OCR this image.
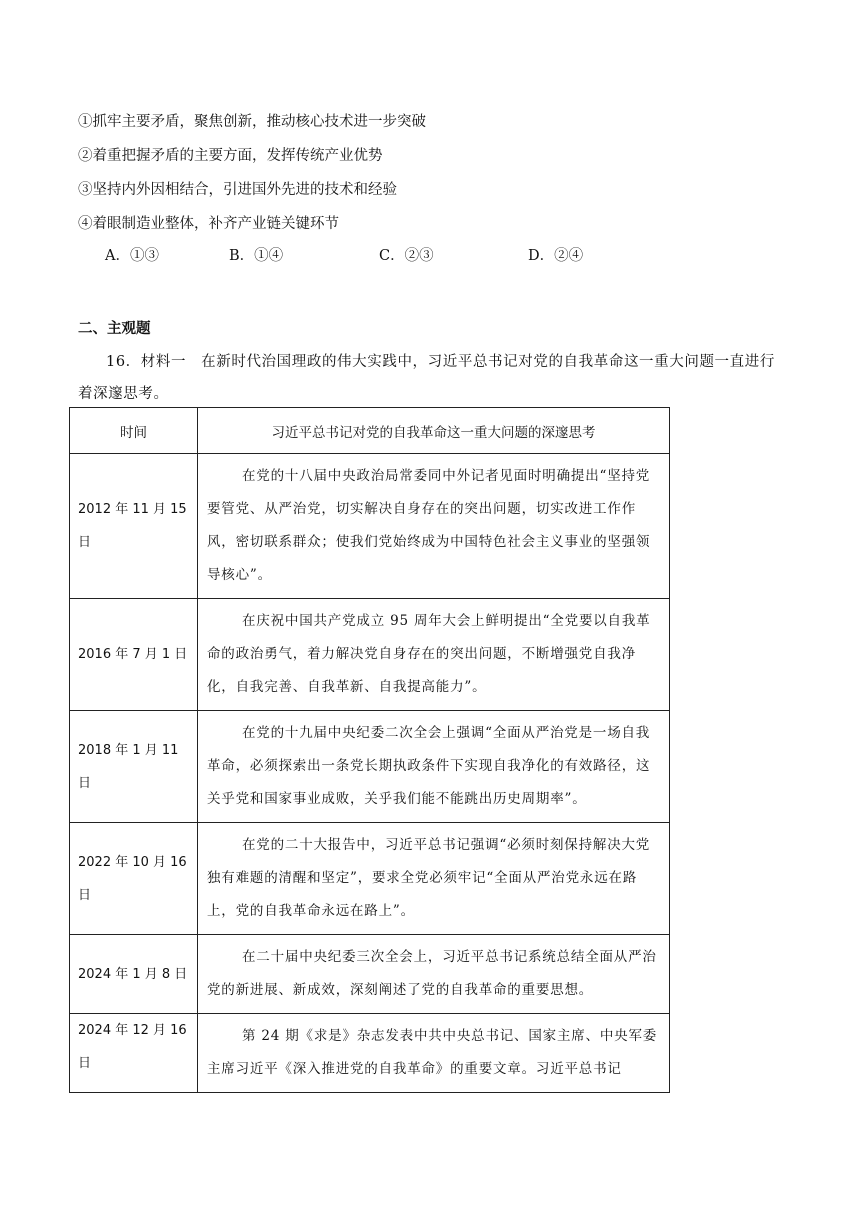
①抓牢主要矛盾，聚焦创新，推动核心技术进一步突破
②着重把握矛盾的主要方面，发挥传统产业优势
③坚持内外因相结合，引进国外先进的技术和经验
④着眼制造业整体，补齐产业链关键环节
A．①③	B．①④	C．②③	D．②④
二、主观题
16．材料一　在新时代治国理政的伟大实践中，习近平总书记对党的自我革命这一重大问题一直进行着深邃思考。
时间	习近平总书记对党的自我革命这一重大问题的深邃思考
2012 年 11 月 15 日	在党的十八届中央政治局常委同中外记者见面时明确提出“坚持党要管党、从严治党，切实解决自身存在的突出问题，切实改进工作作风，密切联系群众；使我们党始终成为中国特色社会主义事业的坚强领导核心”。
2016 年 7 月 1 日	在庆祝中国共产党成立 95 周年大会上鲜明提出“全党要以自我革命的政治勇气，着力解决党自身存在的突出问题，不断增强党自我净化，自我完善、自我革新、自我提高能力”。
2018 年 1 月 11 日	在党的十九届中央纪委二次全会上强调“全面从严治党是一场自我革命，必须探索出一条党长期执政条件下实现自我净化的有效路径，这关乎党和国家事业成败，关乎我们能不能跳出历史周期率”。
2022 年 10 月 16 日	在党的二十大报告中，习近平总书记强调“必须时刻保持解决大党独有难题的清醒和坚定”，要求全党必须牢记“全面从严治党永远在路上，党的自我革命永远在路上”。
2024 年 1 月 8 日	在二十届中央纪委三次全会上，习近平总书记系统总结全面从严治党的新进展、新成效，深刻阐述了党的自我革命的重要思想。
2024 年 12 月 16 日	第 24 期《求是》杂志发表中共中央总书记、国家主席、中央军委主席习近平《深入推进党的自我革命》的重要文章。习近平总书记
